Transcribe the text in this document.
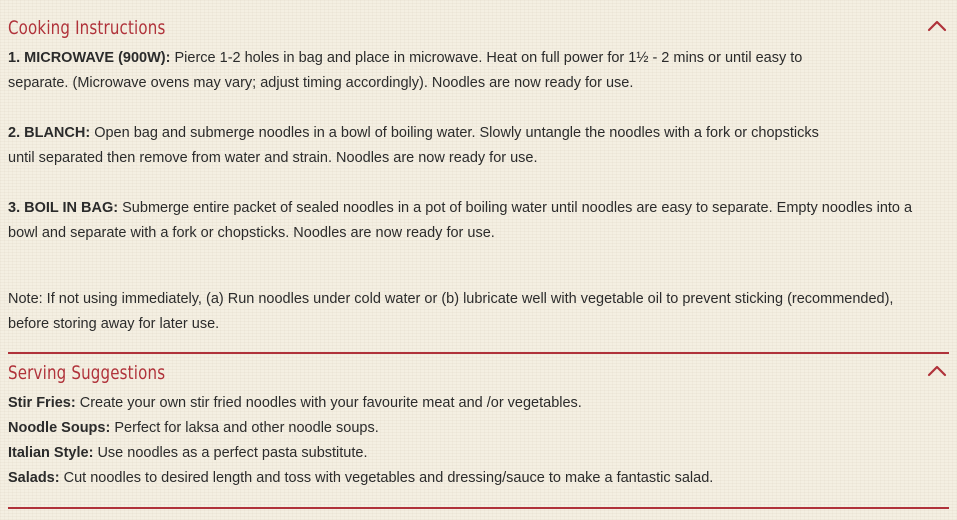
Cooking Instructions

1. MICROWAVE (900W): Pierce 1-2 holes in bag and place in microwave. Heat on full power for 1½ - 2 mins or until easy to
separate. (Microwave ovens may vary; adjust timing accordingly). Noodles are now ready for use.

2. BLANCH: Open bag and submerge noodles in a bowl of boiling water. Slowly untangle the noodles with a fork or chopsticks
until separated then remove from water and strain. Noodles are now ready for use.

3. BOIL IN BAG: Submerge entire packet of sealed noodles in a pot of boiling water until noodles are easy to separate. Empty noodles into a
bowl and separate with a fork or chopsticks. Noodles are now ready for use.

Note: If not using immediately, (a) Run noodles under cold water or (b) lubricate well with vegetable oil to prevent sticking (recommended),
before storing away for later use.

Serving Suggestions

Stir Fries: Create your own stir fried noodles with your favourite meat and /or vegetables.
Noodle Soups: Perfect for laksa and other noodle soups.
Italian Style: Use noodles as a perfect pasta substitute.
Salads: Cut noodles to desired length and toss with vegetables and dressing/sauce to make a fantastic salad.
